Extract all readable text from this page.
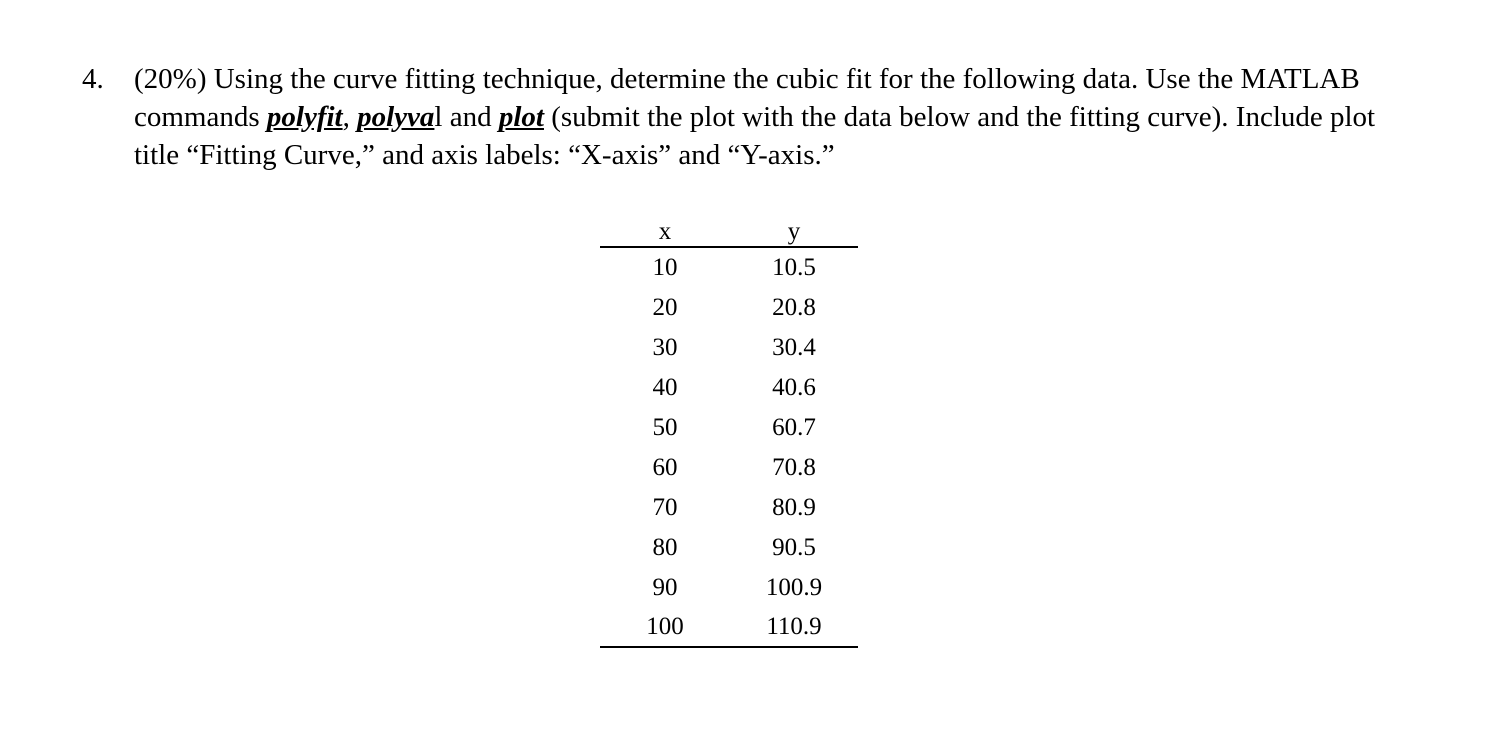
4.	(20%) Using the curve fitting technique, determine the cubic fit for the following data. Use the MATLAB commands polyfit, polyval and plot (submit the plot with the data below and the fitting curve). Include plot title “Fitting Curve,” and axis labels: “X-axis” and “Y-axis.”
x	y
10	10.5
20	20.8
30	30.4
40	40.6
50	60.7
60	70.8
70	80.9
80	90.5
90	100.9
100	110.9
